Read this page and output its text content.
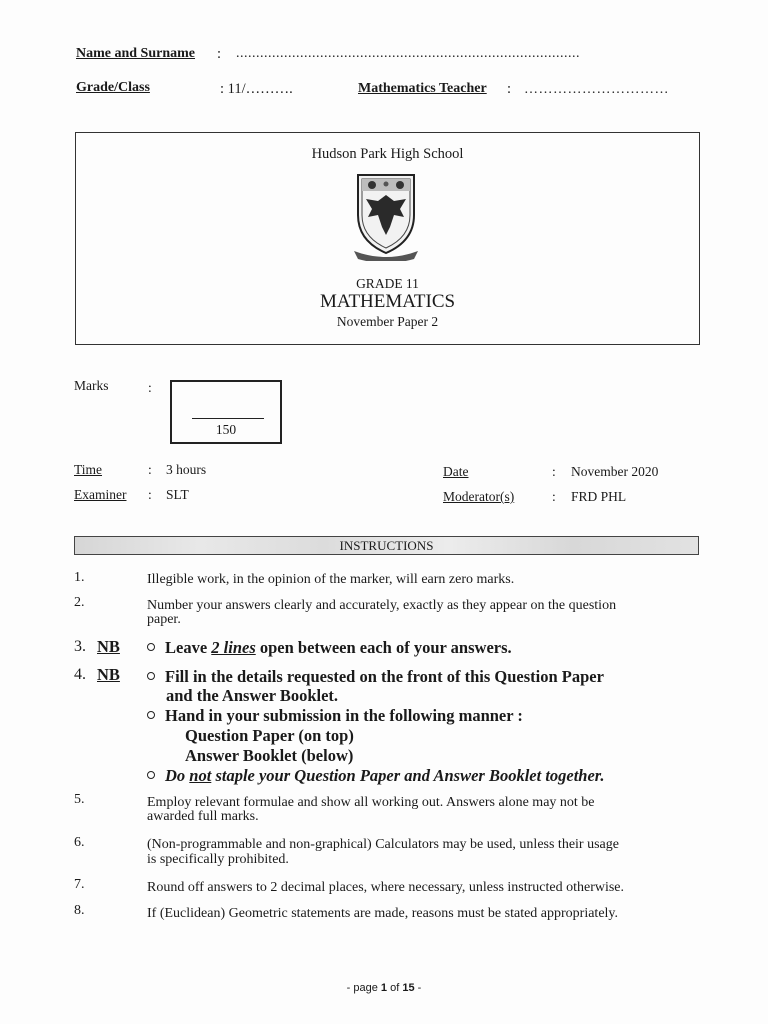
Name and Surname : ......................................................................................
Grade/Class	: 11/……….	Mathematics Teacher : …………………………
Hudson Park High School
GRADE 11
MATHEMATICS
November Paper 2
Marks	:
150
Time	: 3 hours
Examiner : SLT
Date	: November 2020
Moderator(s)	: FRD PHL
INSTRUCTIONS
1.	Illegible work, in the opinion of the marker, will earn zero marks.
2.	Number your answers clearly and accurately, exactly as they appear on the question
paper.
3. NB	Leave 2 lines open between each of your answers.
4. NB	Fill in the details requested on the front of this Question Paper
and the Answer Booklet.
Hand in your submission in the following manner :
Question Paper (on top)
Answer Booklet (below)
Do not staple your Question Paper and Answer Booklet together.
5.	Employ relevant formulae and show all working out. Answers alone may not be
awarded full marks.
6.	(Non-programmable and non-graphical) Calculators may be used, unless their usage
is specifically prohibited.
7.	Round off answers to 2 decimal places, where necessary, unless instructed otherwise.
8.	If (Euclidean) Geometric statements are made, reasons must be stated appropriately.
- page 1 of 15 -
